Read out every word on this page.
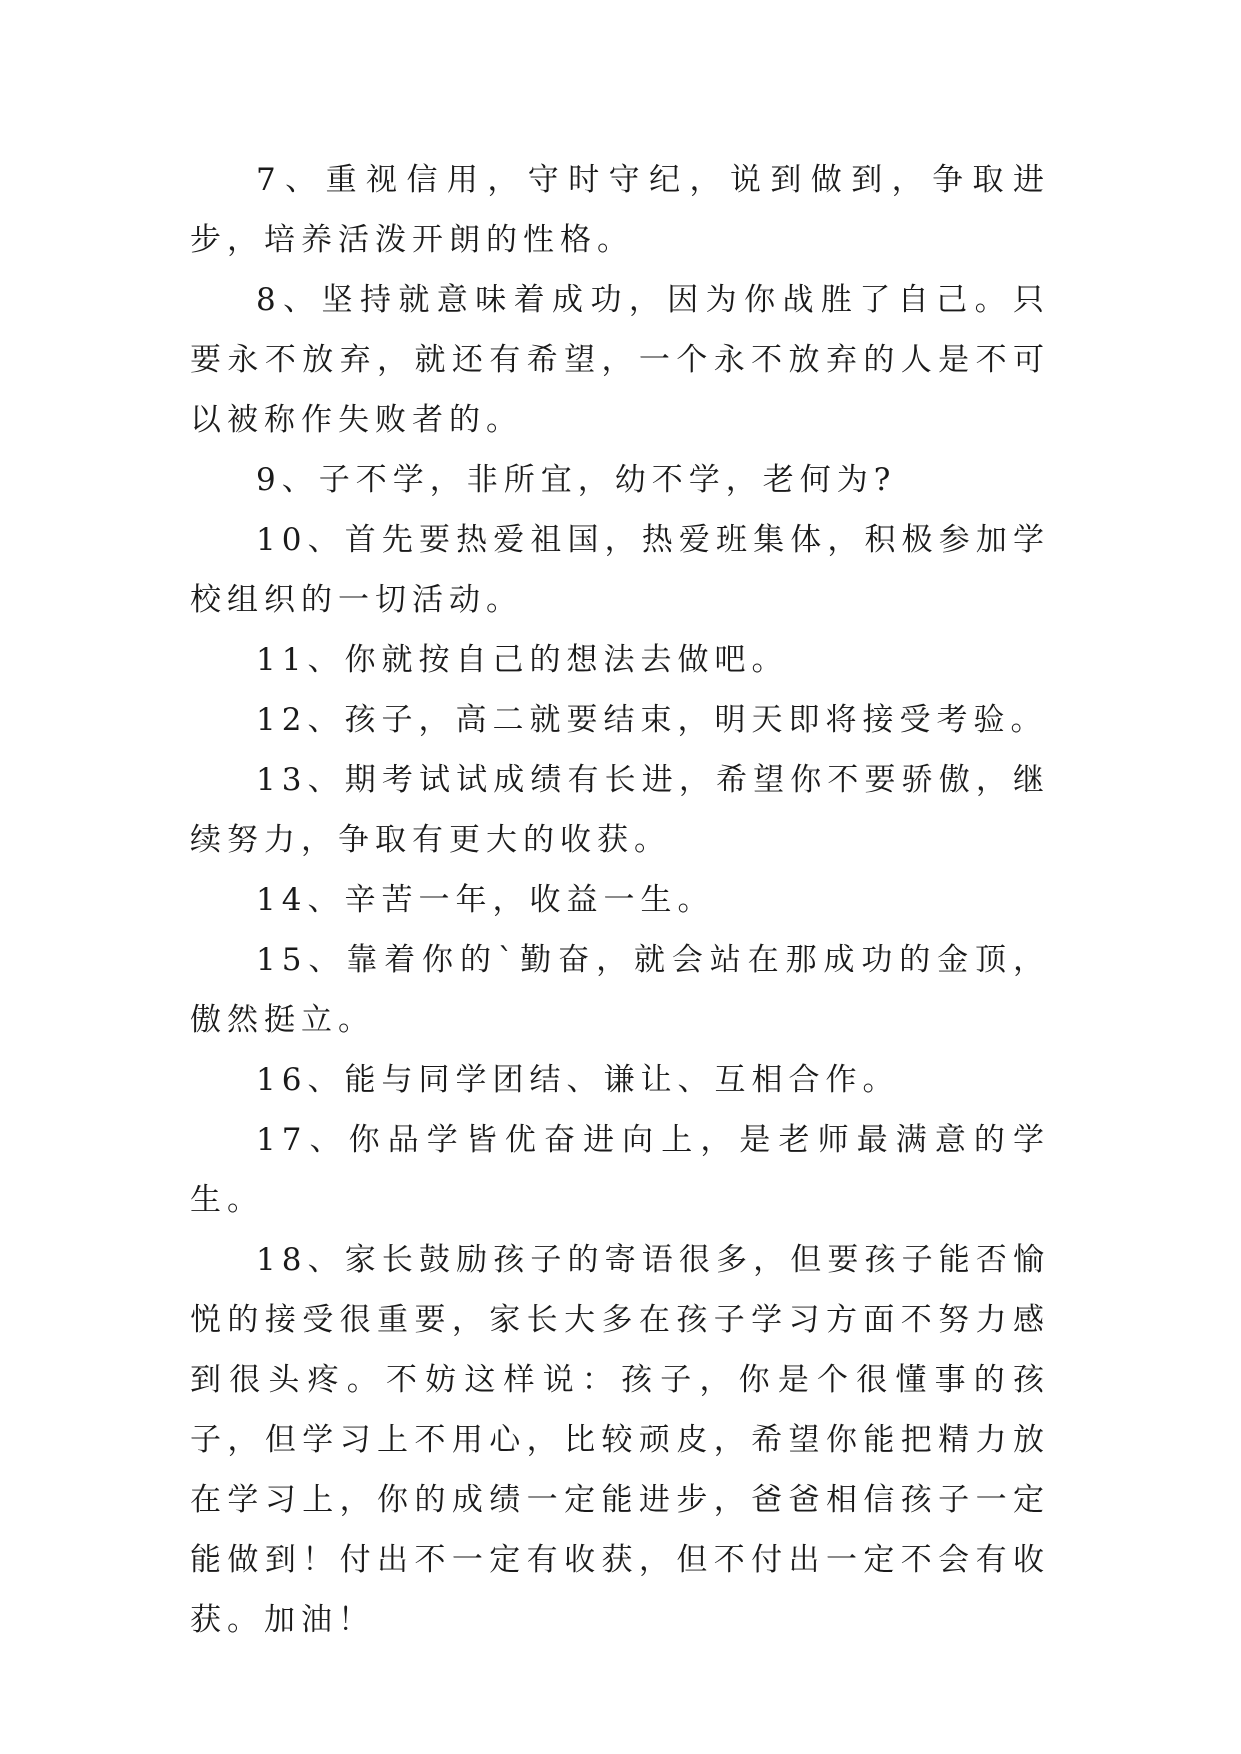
7、重视信用，守时守纪，说到做到，争取进步，培养活泼开朗的性格。

8、坚持就意味着成功，因为你战胜了自己。只要永不放弃，就还有希望，一个永不放弃的人是不可以被称作失败者的。

9、子不学，非所宜，幼不学，老何为?

10、首先要热爱祖国，热爱班集体，积极参加学校组织的一切活动。

11、你就按自己的想法去做吧。

12、孩子，高二就要结束，明天即将接受考验。

13、期考试试成绩有长进，希望你不要骄傲，继续努力，争取有更大的收获。

14、辛苦一年，收益一生。

15、靠着你的`勤奋，就会站在那成功的金顶，傲然挺立。

16、能与同学团结、谦让、互相合作。

17、你品学皆优奋进向上，是老师最满意的学生。

18、家长鼓励孩子的寄语很多，但要孩子能否愉悦的接受很重要，家长大多在孩子学习方面不努力感到很头疼。不妨这样说：孩子，你是个很懂事的孩子，但学习上不用心，比较顽皮，希望你能把精力放在学习上，你的成绩一定能进步，爸爸相信孩子一定能做到！付出不一定有收获，但不付出一定不会有收获。加油！
